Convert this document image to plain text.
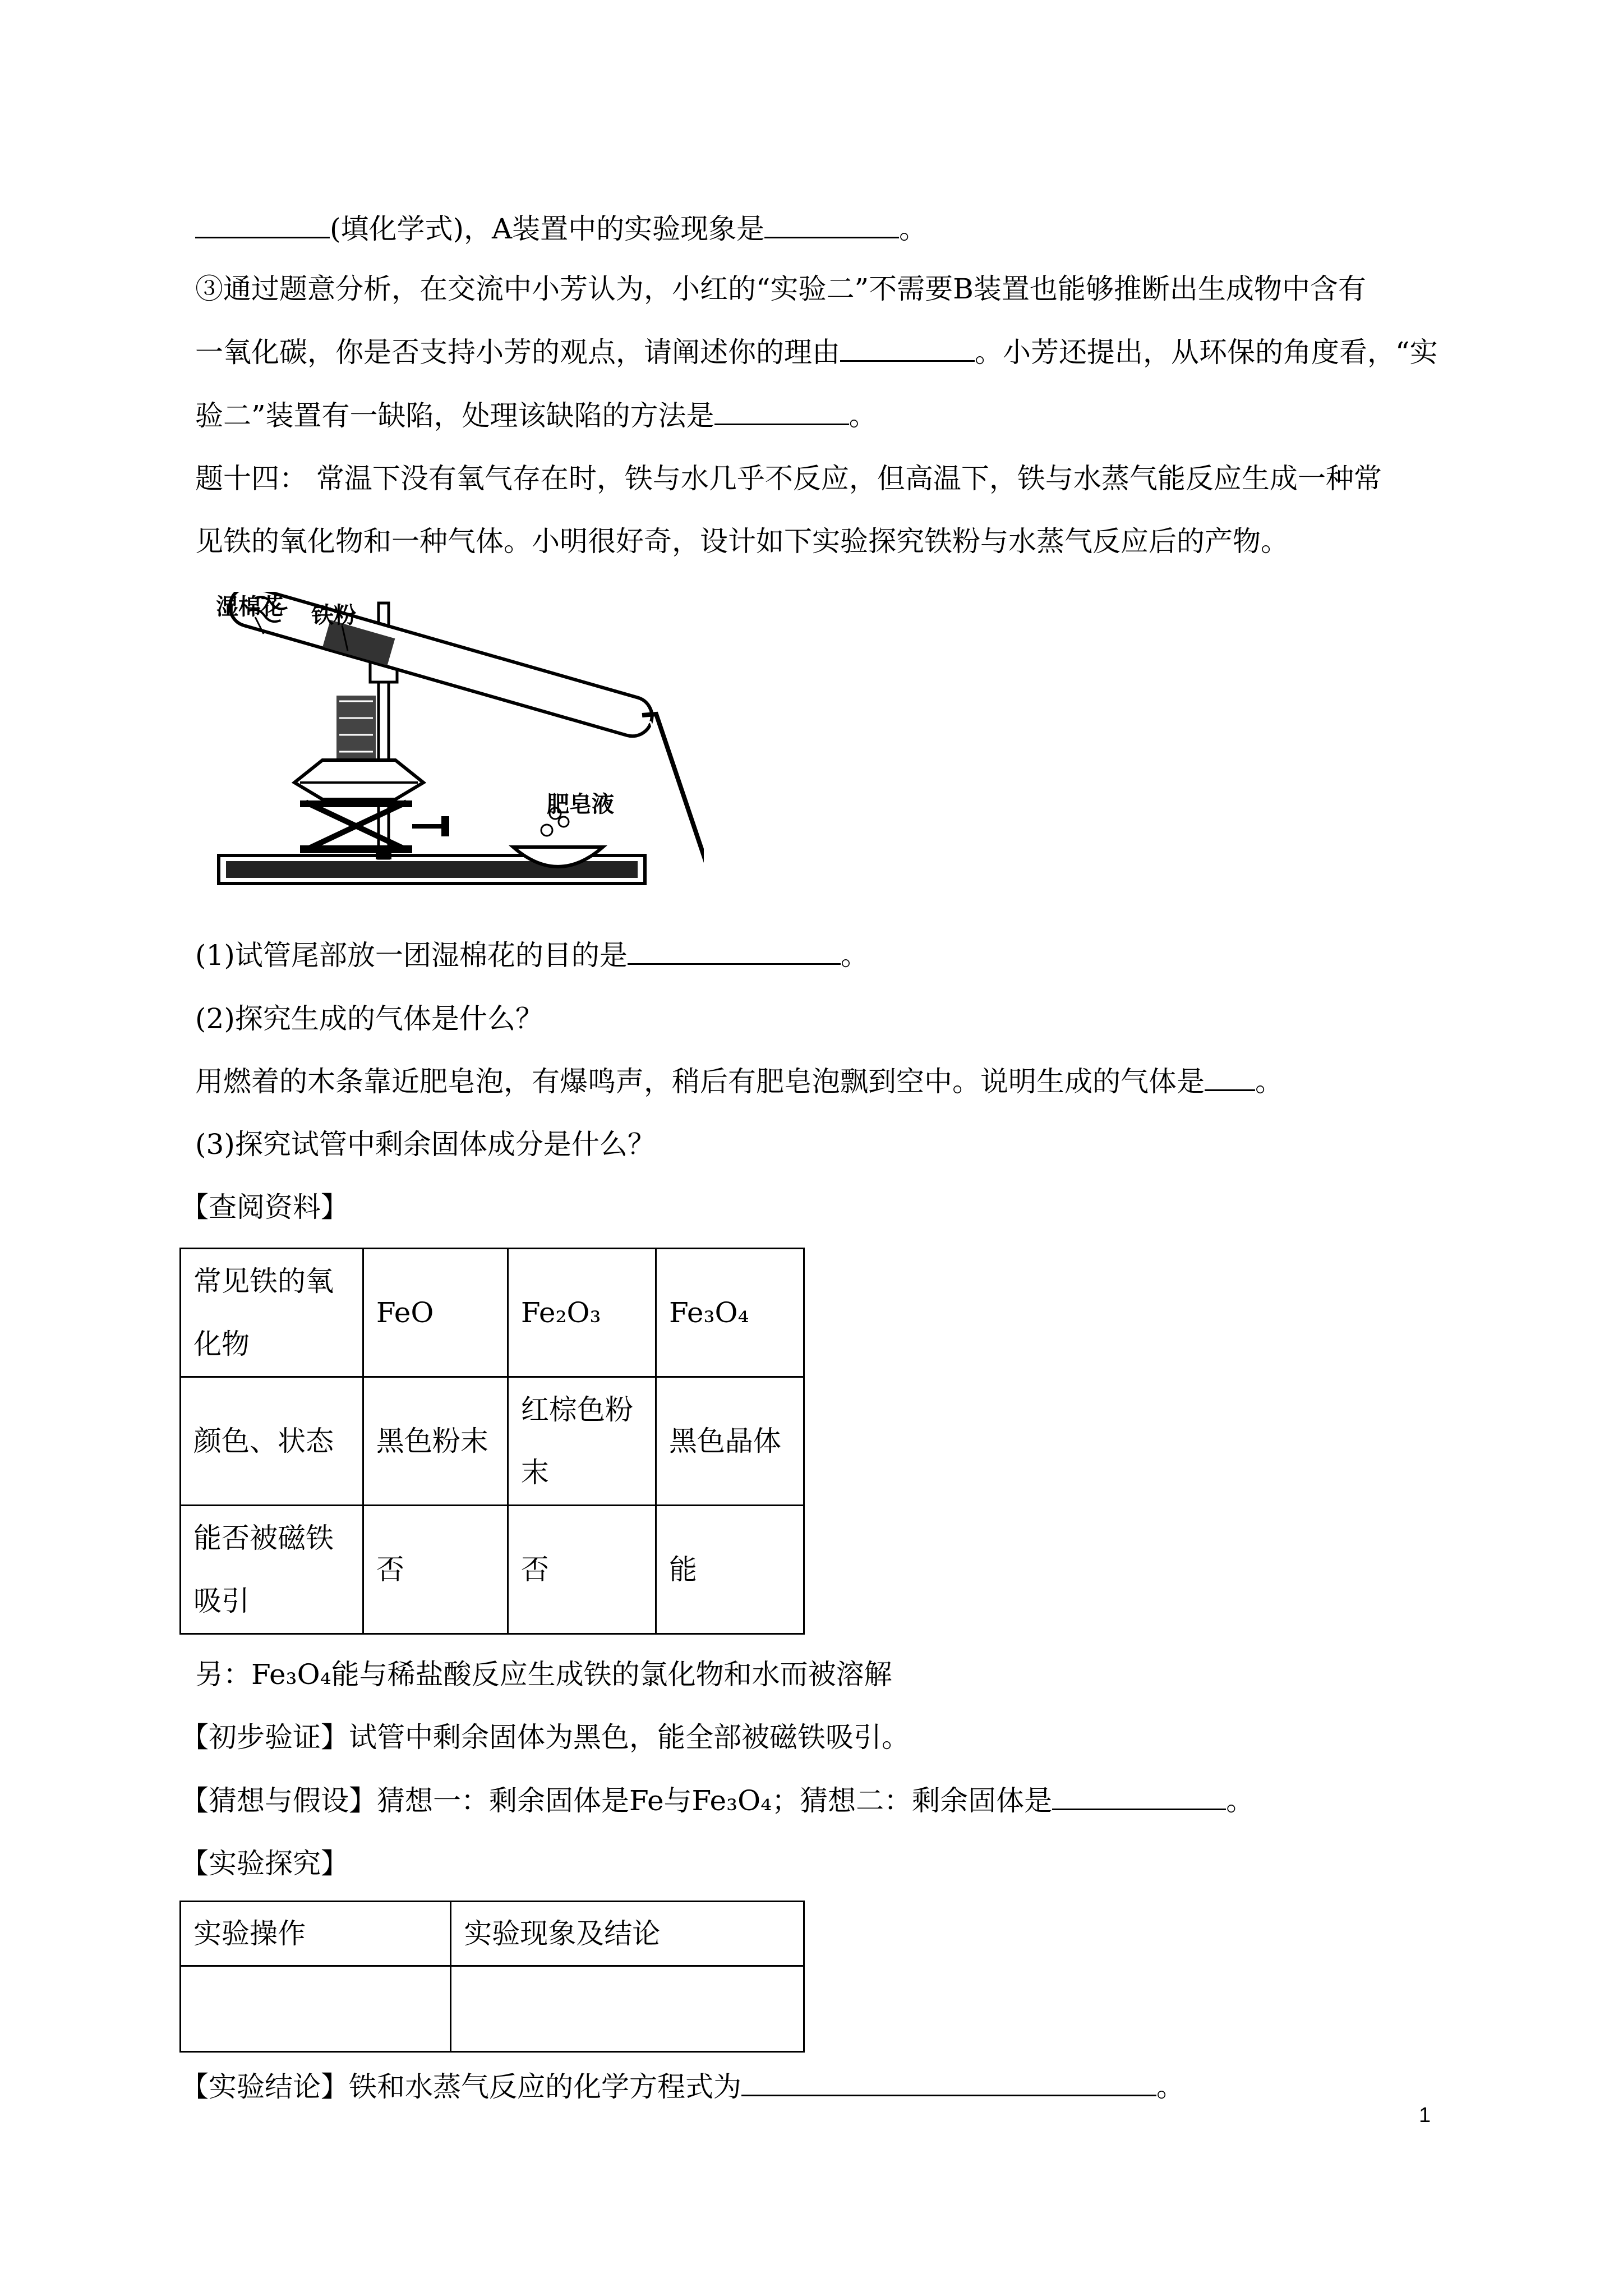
(填化学式)，A装置中的实验现象是	。
③通过题意分析，在交流中小芳认为，小红的“实验二”不需要B装置也能够推断出生成物中含有
一氧化碳，你是否支持小芳的观点，请阐述你的理由	。小芳还提出，从环保的角度看，“实
验二”装置有一缺陷，处理该缺陷的方法是	。
题十四： 常温下没有氧气存在时，铁与水几乎不反应，但高温下，铁与水蒸气能反应生成一种常
见铁的氧化物和一种气体。小明很好奇，设计如下实验探究铁粉与水蒸气反应后的产物。
湿棉花 铁粉
肥皂液
(1)试管尾部放一团湿棉花的目的是	。
(2)探究生成的气体是什么？
用燃着的木条靠近肥皂泡，有爆鸣声，稍后有肥皂泡飘到空中。说明生成的气体是 。
(3)探究试管中剩余固体成分是什么？
【查阅资料】
常见铁的氧化物	FeO	Fe₂O₃	Fe₃O₄
颜色、状态	黑色粉末	红棕色粉末	黑色晶体
能否被磁铁吸引	否	否	能
另：Fe₃O₄能与稀盐酸反应生成铁的氯化物和水而被溶解
【初步验证】试管中剩余固体为黑色，能全部被磁铁吸引。
【猜想与假设】猜想一：剩余固体是Fe与Fe₃O₄；猜想二：剩余固体是	。
【实验探究】
实验操作	实验现象及结论

【实验结论】铁和水蒸气反应的化学方程式为	。
1
